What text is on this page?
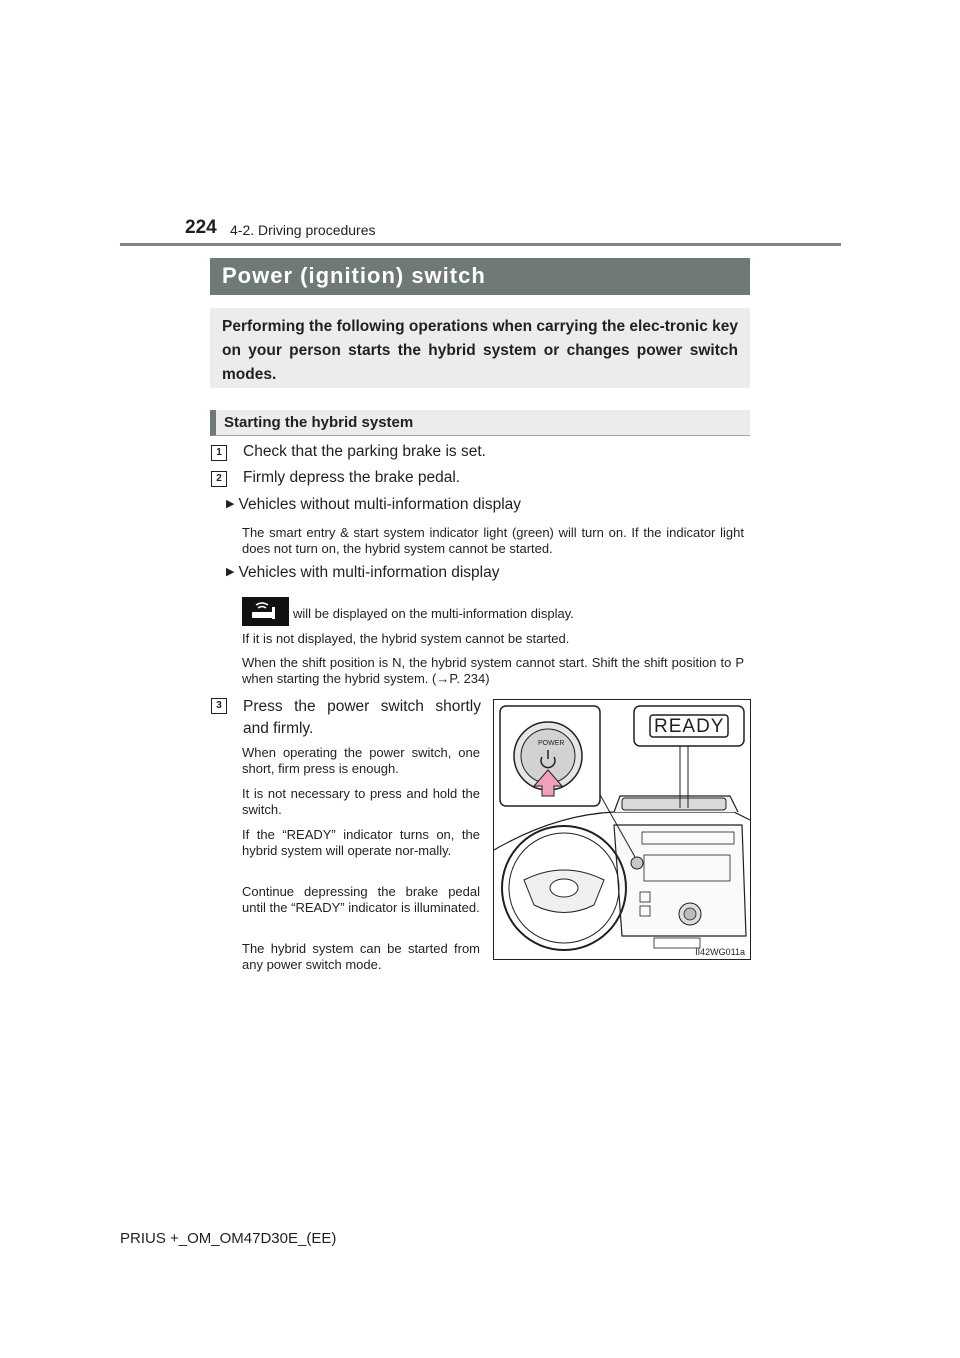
224 4-2. Driving procedures
Power (ignition) switch
Performing the following operations when carrying the elec-tronic key on your person starts the hybrid system or changes power switch modes.
Starting the hybrid system
1	Check that the parking brake is set.
2	Firmly depress the brake pedal.
▶ Vehicles without multi-information display
The smart entry & start system indicator light (green) will turn on. If the indicator light does not turn on, the hybrid system cannot be started.
▶ Vehicles with multi-information display
will be displayed on the multi-information display.
If it is not displayed, the hybrid system cannot be started.
When the shift position is N, the hybrid system cannot start. Shift the shift position to P when starting the hybrid system. (→P. 234)
3	Press the power switch shortly and firmly.
When operating the power switch, one short, firm press is enough.
It is not necessary to press and hold the switch.
If the “READY” indicator turns on, the hybrid system will operate nor-mally.
Continue depressing the brake pedal until the “READY” indicator is illuminated.
The hybrid system can be started from any power switch mode.
POWER
READY
II42WG011a
PRIUS +_OM_OM47D30E_(EE)
